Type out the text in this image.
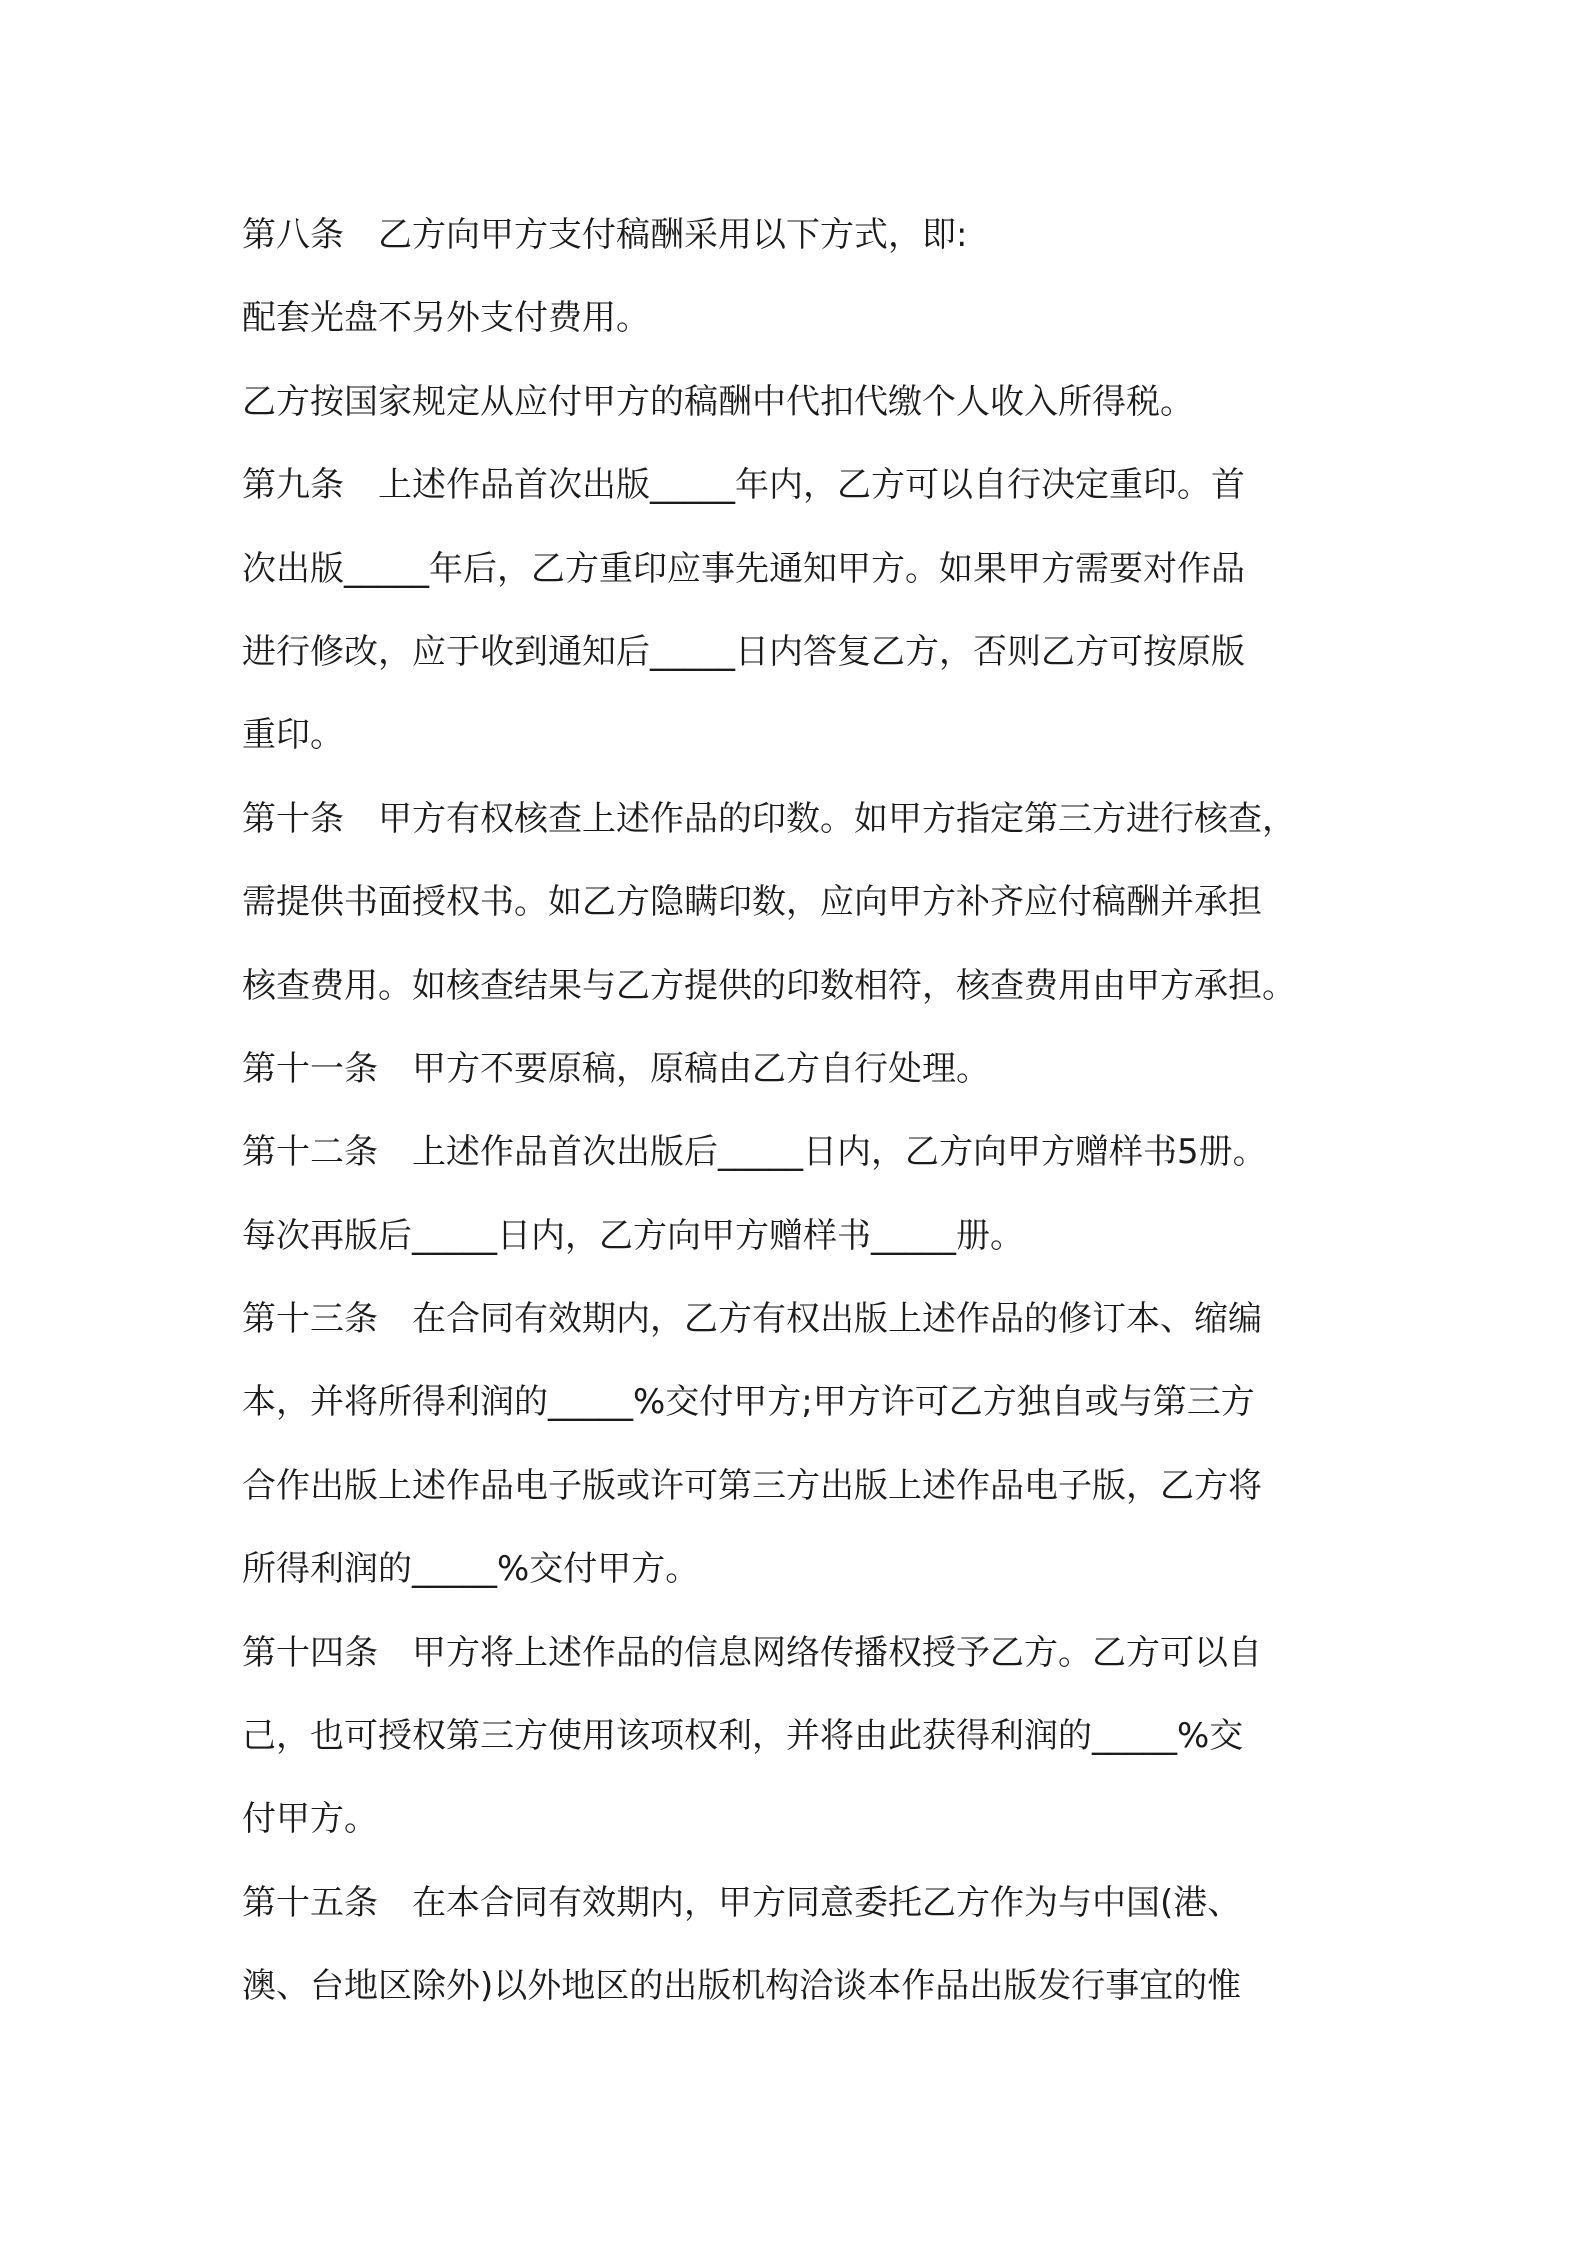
第八条　乙方向甲方支付稿酬采用以下方式，即:
配套光盘不另外支付费用。
乙方按国家规定从应付甲方的稿酬中代扣代缴个人收入所得税。
第九条　上述作品首次出版_____年内，乙方可以自行决定重印。首
次出版_____年后，乙方重印应事先通知甲方。如果甲方需要对作品
进行修改，应于收到通知后_____日内答复乙方，否则乙方可按原版
重印。
第十条　甲方有权核查上述作品的印数。如甲方指定第三方进行核查，
需提供书面授权书。如乙方隐瞒印数，应向甲方补齐应付稿酬并承担
核查费用。如核查结果与乙方提供的印数相符，核查费用由甲方承担。
第十一条　甲方不要原稿，原稿由乙方自行处理。
第十二条　上述作品首次出版后_____日内，乙方向甲方赠样书5册。
每次再版后_____日内，乙方向甲方赠样书_____册。
第十三条　在合同有效期内，乙方有权出版上述作品的修订本、缩编
本，并将所得利润的_____%交付甲方;甲方许可乙方独自或与第三方
合作出版上述作品电子版或许可第三方出版上述作品电子版，乙方将
所得利润的_____%交付甲方。
第十四条　甲方将上述作品的信息网络传播权授予乙方。乙方可以自
己，也可授权第三方使用该项权利，并将由此获得利润的_____%交
付甲方。
第十五条　在本合同有效期内，甲方同意委托乙方作为与中国(港、
澳、台地区除外)以外地区的出版机构洽谈本作品出版发行事宜的惟
